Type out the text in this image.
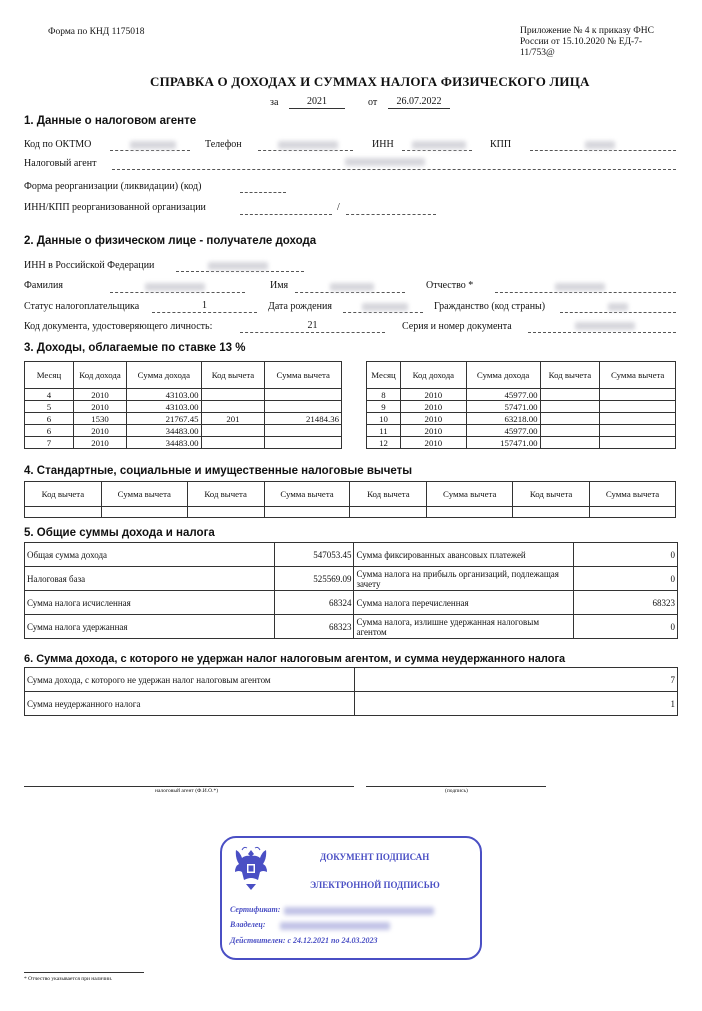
Форма по КНД 1175018	Приложение № 4 к приказу ФНС
России от 15.10.2020 № ЕД-7-
11/753@
СПРАВКА О ДОХОДАХ И СУММАХ НАЛОГА ФИЗИЧЕСКОГО ЛИЦА
за	2021	от	26.07.2022
1. Данные о налоговом агенте
Код по ОКТМО	Телефон	ИНН	КПП
Налоговый агент
Форма реорганизации (ликвидации) (код)
ИНН/КПП реорганизованной организации	/
2. Данные о физическом лице - получателе дохода
ИНН в Российской Федерации
Фамилия	Имя	Отчество *
Статус налогоплательщика	1	Дата рождения	Гражданство (код страны)
Код документа, удостоверяющего личность:	21	Серия и номер документа
3. Доходы, облагаемые по ставке 13 %
Месяц	Код дохода	Сумма дохода	Код вычета	Сумма вычета
4	2010	43103.00		
5	2010	43103.00		
6	1530	21767.45	201	21484.36
6	2010	34483.00		
7	2010	34483.00		
Месяц	Код дохода	Сумма дохода	Код вычета	Сумма вычета
8	2010	45977.00		
9	2010	57471.00		
10	2010	63218.00		
11	2010	45977.00		
12	2010	157471.00		
4. Стандартные, социальные и имущественные налоговые вычеты
Код вычета	Сумма вычета	Код вычета	Сумма вычета	Код вычета	Сумма вычета	Код вычета	Сумма вычета

5. Общие суммы дохода и налога
Общая сумма дохода	547053.45	Сумма фиксированных авансовых платежей	0
Налоговая база	525569.09	Сумма налога на прибыль организаций, подлежащая зачету	0
Сумма налога исчисленная	68324	Сумма налога перечисленная	68323
Сумма налога удержанная	68323	Сумма налога, излишне удержанная налоговым агентом	0
6. Сумма дохода, с которого не удержан налог налоговым агентом, и сумма неудержанного налога
Сумма дохода, с которого не удержан налог налоговым агентом	7
Сумма неудержанного налога	1
налоговый агент (Ф.И.О.*)	(подпись)
ДОКУМЕНТ ПОДПИСАН
ЭЛЕКТРОННОЙ ПОДПИСЬЮ
Сертификат:
Владелец:
Действителен: с 24.12.2021 по 24.03.2023
* Отчество указывается при наличии.
